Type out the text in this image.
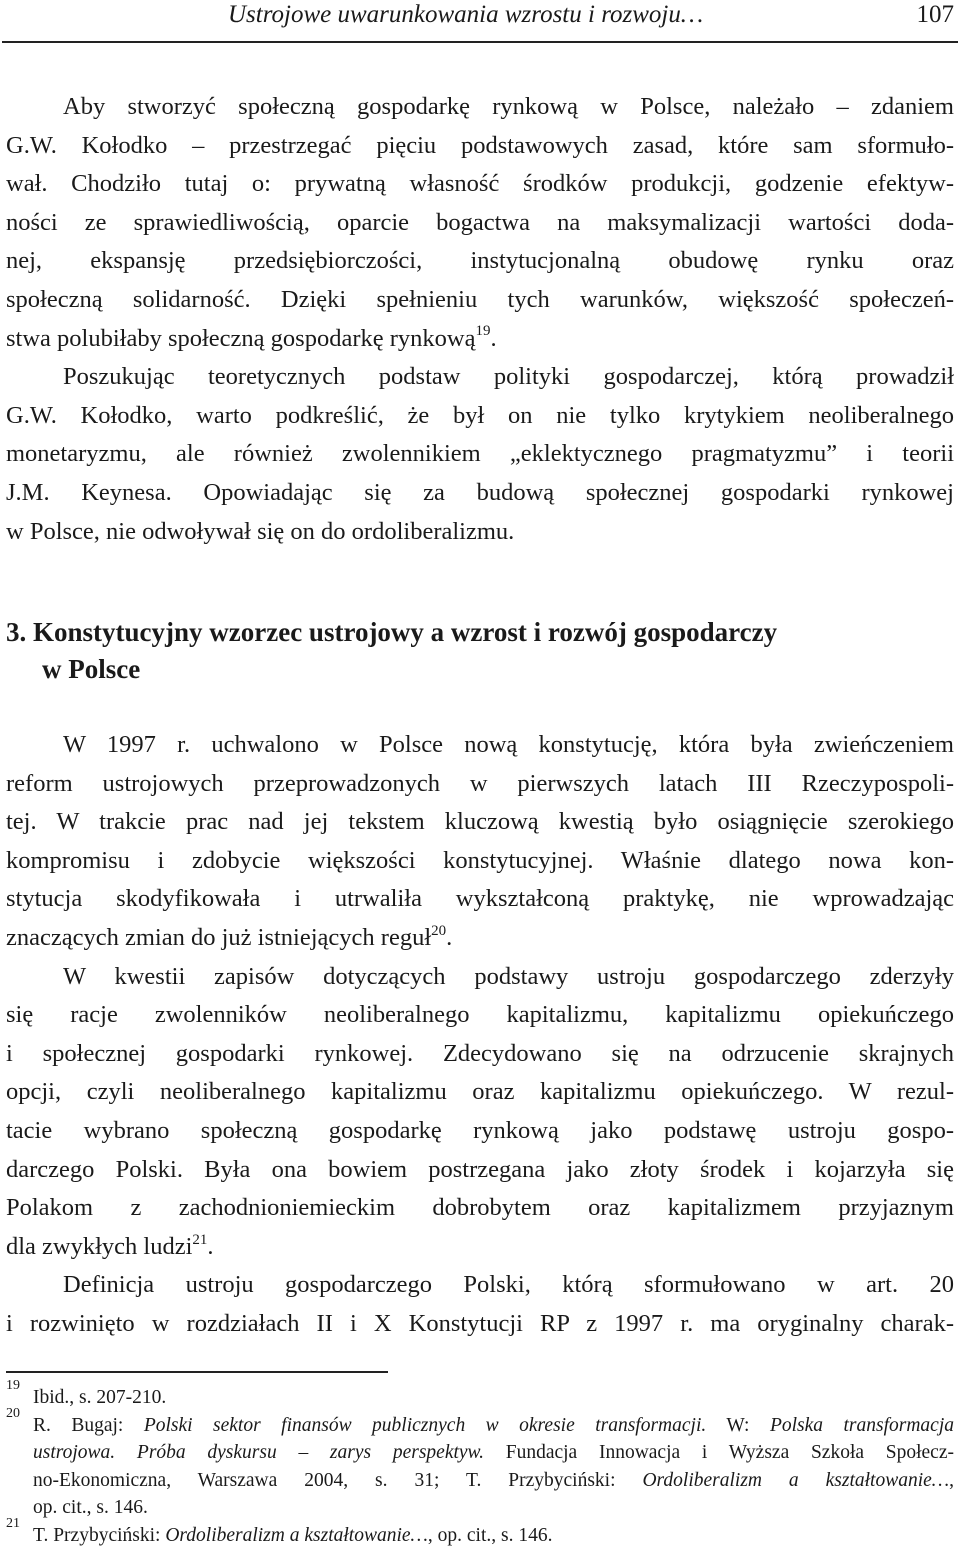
Ustrojowe uwarunkowania wzrostu i rozwoju…	107
Aby stworzyć społeczną gospodarkę rynkową w Polsce, należało – zdaniem
G.W. Kołodko – przestrzegać pięciu podstawowych zasad, które sam sformuło-
wał. Chodziło tutaj o: prywatną własność środków produkcji, godzenie efektyw-
ności ze sprawiedliwością, oparcie bogactwa na maksymalizacji wartości doda-
nej, ekspansję przedsiębiorczości, instytucjonalną obudowę rynku oraz
społeczną solidarność. Dzięki spełnieniu tych warunków, większość społeczeń-
stwa polubiłaby społeczną gospodarkę rynkową$^{19}$.
Poszukując teoretycznych podstaw polityki gospodarczej, którą prowadził
G.W. Kołodko, warto podkreślić, że był on nie tylko krytykiem neoliberalnego
monetaryzmu, ale również zwolennikiem „eklektycznego pragmatyzmu” i teorii
J.M. Keynesa. Opowiadając się za budową społecznej gospodarki rynkowej
w Polsce, nie odwoływał się on do ordoliberalizmu.
3. Konstytucyjny wzorzec ustrojowy a wzrost i rozwój gospodarczy
w Polsce
W 1997 r. uchwalono w Polsce nową konstytucję, która była zwieńczeniem
reform ustrojowych przeprowadzonych w pierwszych latach III Rzeczypospoli-
tej. W trakcie prac nad jej tekstem kluczową kwestią było osiągnięcie szerokiego
kompromisu i zdobycie większości konstytucyjnej. Właśnie dlatego nowa kon-
stytucja skodyfikowała i utrwaliła wykształconą praktykę, nie wprowadzając
znaczących zmian do już istniejących reguł$^{20}$.
W kwestii zapisów dotyczących podstawy ustroju gospodarczego zderzyły
się racje zwolenników neoliberalnego kapitalizmu, kapitalizmu opiekuńczego
i społecznej gospodarki rynkowej. Zdecydowano się na odrzucenie skrajnych
opcji, czyli neoliberalnego kapitalizmu oraz kapitalizmu opiekuńczego. W rezul-
tacie wybrano społeczną gospodarkę rynkową jako podstawę ustroju gospo-
darczego Polski. Była ona bowiem postrzegana jako złoty środek i kojarzyła się
Polakom z zachodnioniemieckim dobrobytem oraz kapitalizmem przyjaznym
dla zwykłych ludzi$^{21}$.
Definicja ustroju gospodarczego Polski, którą sformułowano w art. 20
i rozwinięto w rozdziałach II i X Konstytucji RP z 1997 r. ma oryginalny charak-
19
Ibid., s. 207-210.
20
R. Bugaj: Polski sektor finansów publicznych w okresie transformacji. W: Polska transformacja
ustrojowa. Próba dyskursu – zarys perspektyw. Fundacja Innowacja i Wyższa Szkoła Społecz-
no-Ekonomiczna, Warszawa 2004, s. 31; T. Przybyciński: Ordoliberalizm a kształtowanie…,
op. cit., s. 146.
21
T. Przybyciński: Ordoliberalizm a kształtowanie…, op. cit., s. 146.
